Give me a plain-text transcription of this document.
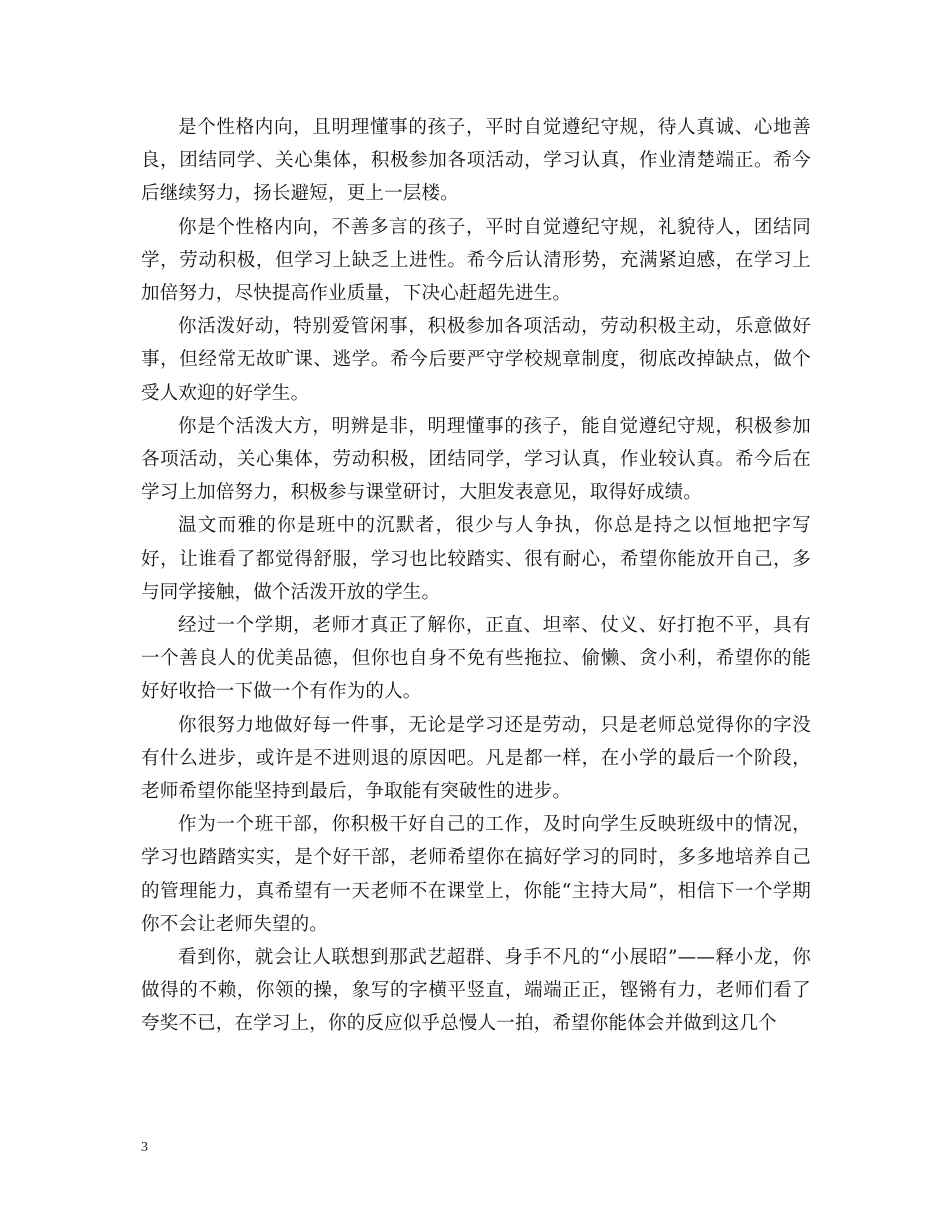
是个性格内向，且明理懂事的孩子，平时自觉遵纪守规，待人真诚、心地善良，团结同学、关心集体，积极参加各项活动，学习认真，作业清楚端正。希今后继续努力，扬长避短，更上一层楼。

你是个性格内向，不善多言的孩子，平时自觉遵纪守规，礼貌待人，团结同学，劳动积极，但学习上缺乏上进性。希今后认清形势，充满紧迫感，在学习上加倍努力，尽快提高作业质量，下决心赶超先进生。

你活泼好动，特别爱管闲事，积极参加各项活动，劳动积极主动，乐意做好事，但经常无故旷课、逃学。希今后要严守学校规章制度，彻底改掉缺点，做个受人欢迎的好学生。

你是个活泼大方，明辨是非，明理懂事的孩子，能自觉遵纪守规，积极参加各项活动，关心集体，劳动积极，团结同学，学习认真，作业较认真。希今后在学习上加倍努力，积极参与课堂研讨，大胆发表意见，取得好成绩。

温文而雅的你是班中的沉默者，很少与人争执，你总是持之以恒地把字写好，让谁看了都觉得舒服，学习也比较踏实、很有耐心，希望你能放开自己，多与同学接触，做个活泼开放的学生。

经过一个学期，老师才真正了解你，正直、坦率、仗义、好打抱不平，具有一个善良人的优美品德，但你也自身不免有些拖拉、偷懒、贪小利，希望你的能好好收拾一下做一个有作为的人。

你很努力地做好每一件事，无论是学习还是劳动，只是老师总觉得你的字没有什么进步，或许是不进则退的原因吧。凡是都一样，在小学的最后一个阶段，老师希望你能坚持到最后，争取能有突破性的进步。

作为一个班干部，你积极干好自己的工作，及时向学生反映班级中的情况，学习也踏踏实实，是个好干部，老师希望你在搞好学习的同时，多多地培养自己的管理能力，真希望有一天老师不在课堂上，你能“主持大局”，相信下一个学期你不会让老师失望的。

看到你，就会让人联想到那武艺超群、身手不凡的“小展昭”——释小龙，你做得的不赖，你领的操，象写的字横平竖直，端端正正，铿锵有力，老师们看了夸奖不已，在学习上，你的反应似乎总慢人一拍，希望你能体会并做到这几个

3
